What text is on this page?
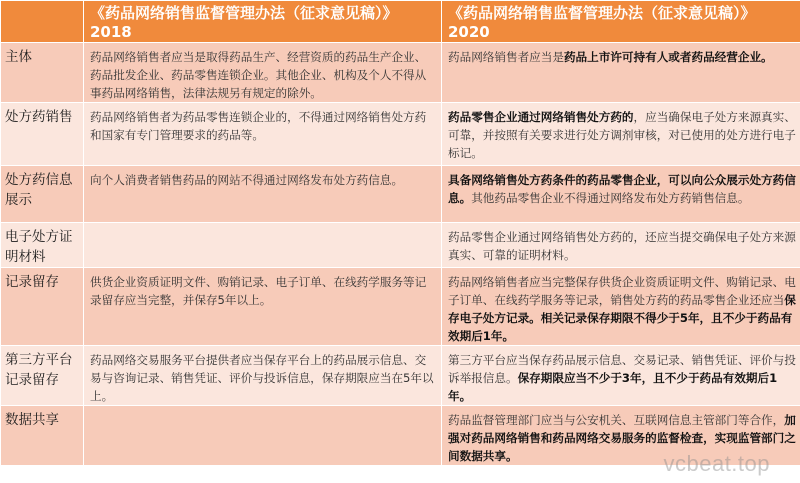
	《药品网络销售监督管理办法（征求意见稿）》2018	《药品网络销售监督管理办法（征求意见稿）》2020
主体	药品网络销售者应当是取得药品生产、经营资质的药品生产企业、药品批发企业、药品零售连锁企业。其他企业、机构及个人不得从事药品网络销售，法律法规另有规定的除外。	药品网络销售者应当是药品上市许可持有人或者药品经营企业。
处方药销售	药品网络销售者为药品零售连锁企业的，不得通过网络销售处方药和国家有专门管理要求的药品等。	药品零售企业通过网络销售处方药的，应当确保电子处方来源真实、可靠，并按照有关要求进行处方调剂审核，对已使用的处方进行电子标记。
处方药信息展示	向个人消费者销售药品的网站不得通过网络发布处方药信息。	具备网络销售处方药条件的药品零售企业，可以向公众展示处方药信息。其他药品零售企业不得通过网络发布处方药销售信息。
电子处方证明材料		药品零售企业通过网络销售处方药的，还应当提交确保电子处方来源真实、可靠的证明材料。
记录留存	供货企业资质证明文件、购销记录、电子订单、在线药学服务等记录留存应当完整，并保存5年以上。	药品网络销售者应当完整保存供货企业资质证明文件、购销记录、电子订单、在线药学服务等记录，销售处方药的药品零售企业还应当保存电子处方记录。相关记录保存期限不得少于5年，且不少于药品有效期后1年。
第三方平台记录留存	药品网络交易服务平台提供者应当保存平台上的药品展示信息、交易与咨询记录、销售凭证、评价与投诉信息，保存期限应当在5年以上。	第三方平台应当保存药品展示信息、交易记录、销售凭证、评价与投诉举报信息。保存期限应当不少于3年，且不少于药品有效期后1年。
数据共享		药品监督管理部门应当与公安机关、互联网信息主管部门等合作，加强对药品网络销售和药品网络交易服务的监督检查，实现监管部门之间数据共享。	vcbeat.top
